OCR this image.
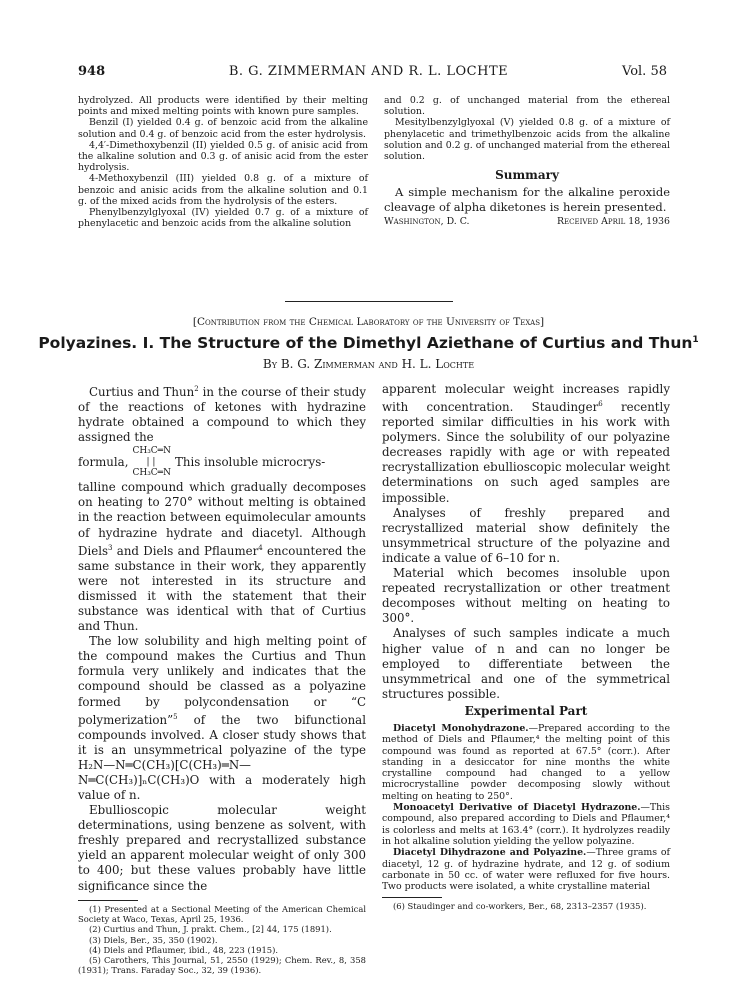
948	B. G. ZIMMERMAN AND R. L. LOCHTE	Vol. 58

hydrolyzed. All products were identified by their melting points and mixed melting points with known pure samples.

Benzil (I) yielded 0.4 g. of benzoic acid from the alkaline solution and 0.4 g. of benzoic acid from the ester hydrolysis.

4,4′-Dimethoxybenzil (II) yielded 0.5 g. of anisic acid from the alkaline solution and 0.3 g. of anisic acid from the ester hydrolysis.

4-Methoxybenzil (III) yielded 0.8 g. of a mixture of benzoic and anisic acids from the alkaline solution and 0.1 g. of the mixed acids from the hydrolysis of the esters.

Phenylbenzylglyoxal (IV) yielded 0.7 g. of a mixture of phenylacetic and benzoic acids from the alkaline solution

and 0.2 g. of unchanged material from the ethereal solution.

Mesitylbenzylglyoxal (V) yielded 0.8 g. of a mixture of phenylacetic and trimethylbenzoic acids from the alkaline solution and 0.2 g. of unchanged material from the ethereal solution.

Summary

A simple mechanism for the alkaline peroxide cleavage of alpha diketones is herein presented.

Washington, D. C.	Received April 18, 1936
[Contribution from the Chemical Laboratory of the University of Texas]
Polyazines. I. The Structure of the Dimethyl Aziethane of Curtius and Thun$^1$
By B. G. Zimmerman and H. L. Lochte

Curtius and Thun$^2$ in the course of their study of the reactions of ketones with hydrazine hydrate obtained a compound to which they assigned the

formula,
CH₃C═N
| |
CH₃C═N
This insoluble microcrys-

talline compound which gradually decomposes on heating to 270° without melting is obtained in the reaction between equimolecular amounts of hydrazine hydrate and diacetyl. Although Diels$^3$ and Diels and Pflaumer$^4$ encountered the same substance in their work, they apparently were not interested in its structure and dismissed it with the statement that their substance was identical with that of Curtius and Thun.

The low solubility and high melting point of the compound makes the Curtius and Thun formula very unlikely and indicates that the compound should be classed as a polyazine formed by polycondensation or “C polymerization”$^5$ of the two bifunctional compounds involved. A closer study shows that it is an unsymmetrical polyazine of the type H₂N—N═C(CH₃)[C(CH₃)═N—N═C(CH₃)]ₙC(CH₃)O with a moderately high value of n.

Ebullioscopic molecular weight determinations, using benzene as solvent, with freshly prepared and recrystallized substance yield an apparent molecular weight of only 300 to 400; but these values probably have little significance since the

(1) Presented at a Sectional Meeting of the American Chemical Society at Waco, Texas, April 25, 1936.

(2) Curtius and Thun, J. prakt. Chem., [2] 44, 175 (1891).

(3) Diels, Ber., 35, 350 (1902).

(4) Diels and Pflaumer, ibid., 48, 223 (1915).

(5) Carothers, This Journal, 51, 2550 (1929); Chem. Rev., 8, 358 (1931); Trans. Faraday Soc., 32, 39 (1936).

apparent molecular weight increases rapidly with concentration. Staudinger$^6$ recently reported similar difficulties in his work with polymers. Since the solubility of our polyazine decreases rapidly with age or with repeated recrystallization ebullioscopic molecular weight determinations on such aged samples are impossible.

Analyses of freshly prepared and recrystallized material show definitely the unsymmetrical structure of the polyazine and indicate a value of 6–10 for n.

Material which becomes insoluble upon repeated recrystallization or other treatment decomposes without melting on heating to 300°.

Analyses of such samples indicate a much higher value of n and can no longer be employed to differentiate between the unsymmetrical and one of the symmetrical structures possible.

Experimental Part

Diacetyl Monohydrazone.—Prepared according to the method of Diels and Pflaumer,⁴ the melting point of this compound was found as reported at 67.5° (corr.). After standing in a desiccator for nine months the white crystalline compound had changed to a yellow microcrystalline powder decomposing slowly without melting on heating to 250°.

Monoacetyl Derivative of Diacetyl Hydrazone.—This compound, also prepared according to Diels and Pflaumer,⁴ is colorless and melts at 163.4° (corr.). It hydrolyzes readily in hot alkaline solution yielding the yellow polyazine.

Diacetyl Dihydrazone and Polyazine.—Three grams of diacetyl, 12 g. of hydrazine hydrate, and 12 g. of sodium carbonate in 50 cc. of water were refluxed for five hours. Two products were isolated, a white crystalline material

(6) Staudinger and co-workers, Ber., 68, 2313–2357 (1935).
